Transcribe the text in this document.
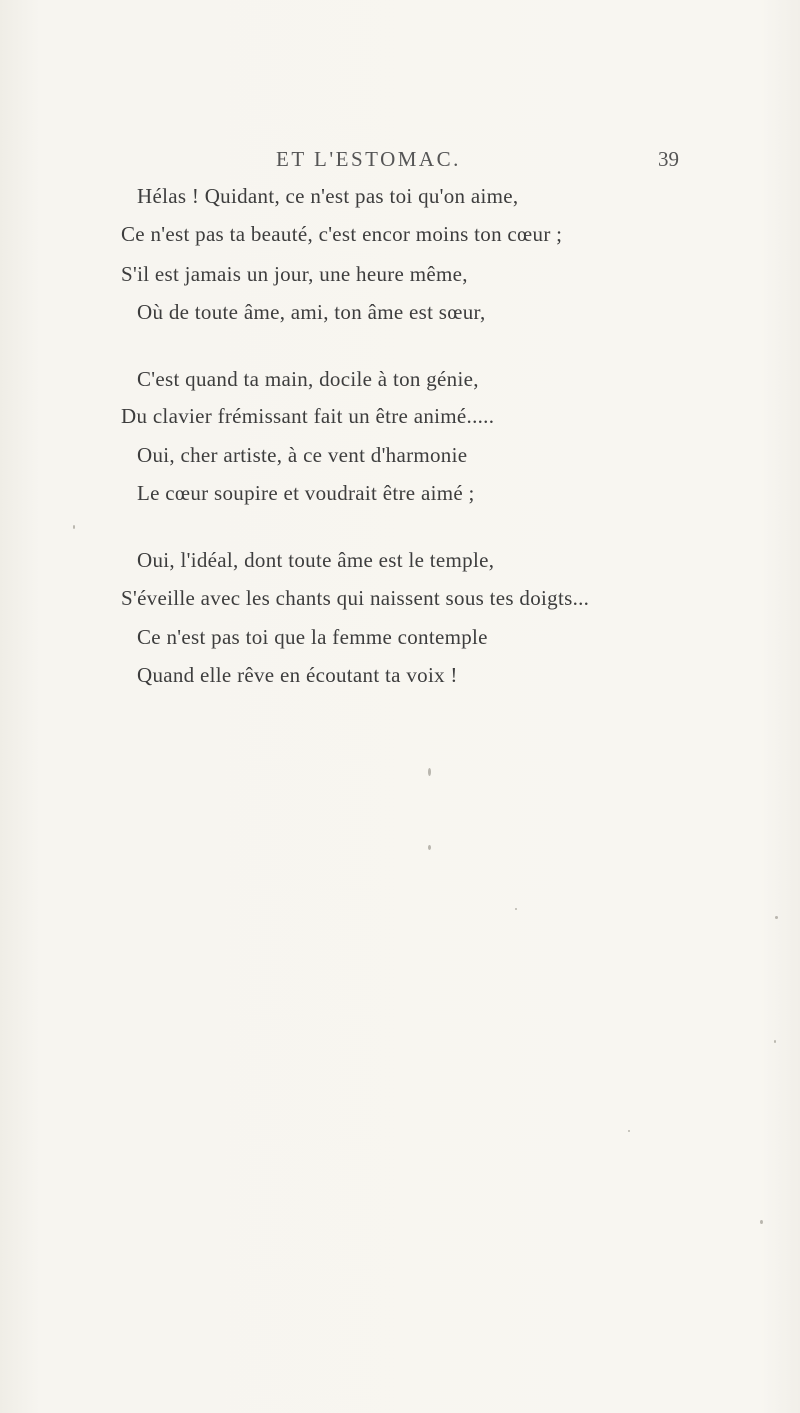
ET L'ESTOMAC.	39
Hélas ! Quidant, ce n'est pas toi qu'on aime,
Ce n'est pas ta beauté, c'est encor moins ton cœur ;
S'il est jamais un jour, une heure même,
Où de toute âme, ami, ton âme est sœur,
C'est quand ta main, docile à ton génie,
Du clavier frémissant fait un être animé.....
Oui, cher artiste, à ce vent d'harmonie
Le cœur soupire et voudrait être aimé ;
Oui, l'idéal, dont toute âme est le temple,
S'éveille avec les chants qui naissent sous tes doigts...
Ce n'est pas toi que la femme contemple
Quand elle rêve en écoutant ta voix !
